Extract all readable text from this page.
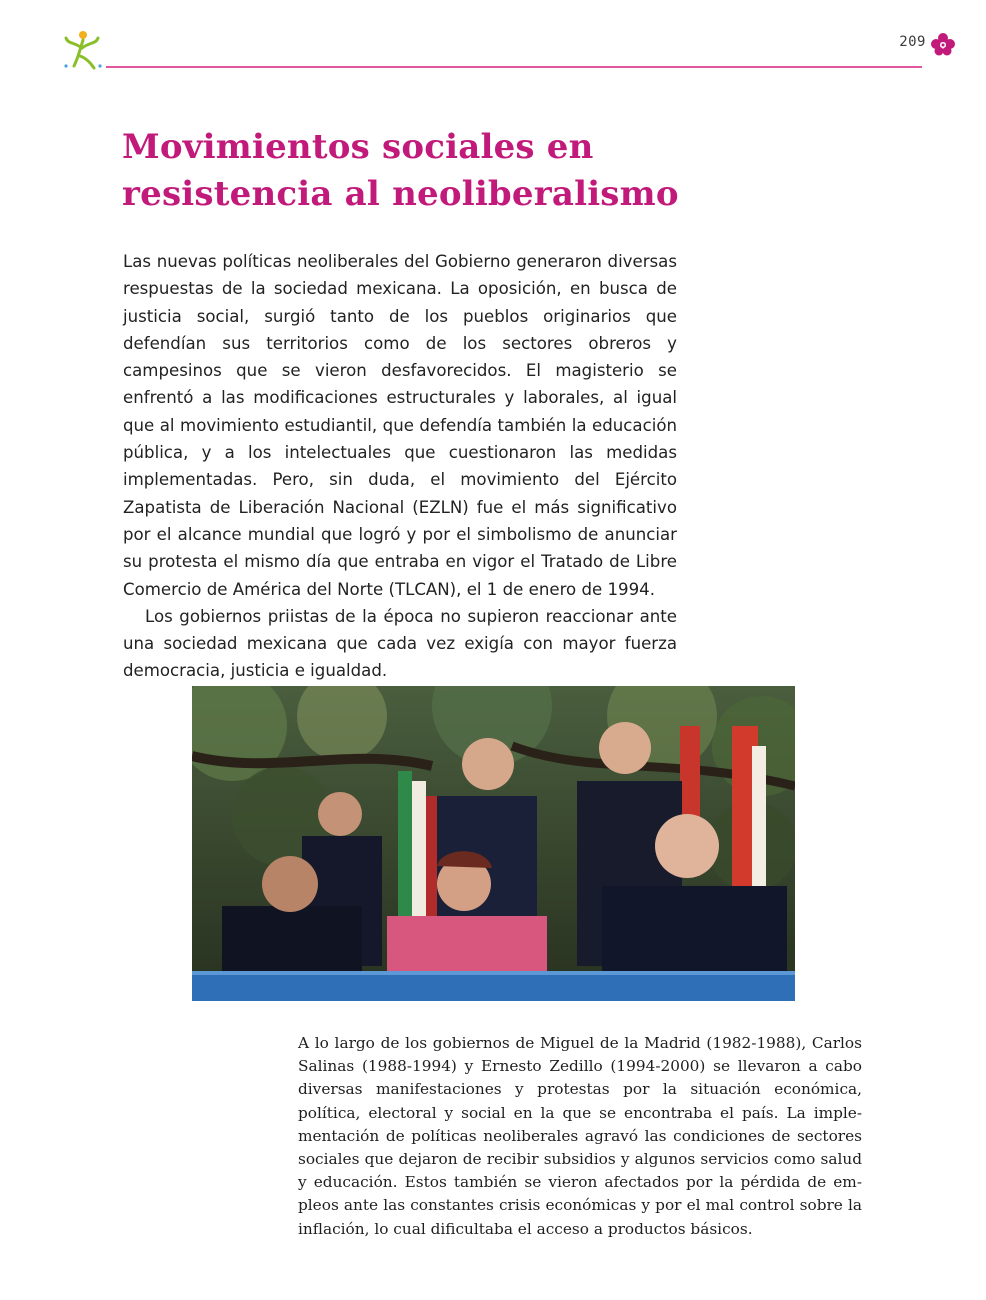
209
Movimientos sociales en resistencia al neoliberalismo

Las nuevas políticas neoliberales del Gobierno generaron diversas respuestas de la sociedad mexicana. La oposición, en busca de justicia social, surgió tanto de los pueblos originarios que defendían sus territorios como de los sectores obreros y campesinos que se vieron desfavorecidos. El magisterio se enfrentó a las modificaciones estructurales y laborales, al igual que al movimiento estudiantil, que defendía también la educación pública, y a los intelectuales que cuestionaron las medidas implementadas. Pero, sin duda, el movimiento del Ejército Zapatista de Liberación Nacional (EZLN) fue el más significativo por el alcance mundial que logró y por el simbolismo de anunciar su protesta el mismo día que entraba en vigor el Tratado de Libre Comercio de América del Norte (TLCAN), el 1 de enero de 1994.

Los gobiernos priistas de la época no supieron reaccionar ante una sociedad mexicana que cada vez exigía con mayor fuerza democracia, justicia e igualdad.

A lo largo de los gobiernos de Miguel de la Madrid (1982-1988), Carlos Salinas (1988-1994) y Ernesto Zedillo (1994-2000) se llevaron a cabo diversas manifestaciones y protestas por la situación económica, política, electoral y social en la que se encontraba el país. La implementación de políticas neoliberales agravó las condiciones de sectores sociales que dejaron de recibir subsidios y algunos servicios como salud y educación. Estos también se vieron afectados por la pérdida de empleos ante las constantes crisis económicas y por el mal control sobre la inflación, lo cual dificultaba el acceso a productos básicos.
